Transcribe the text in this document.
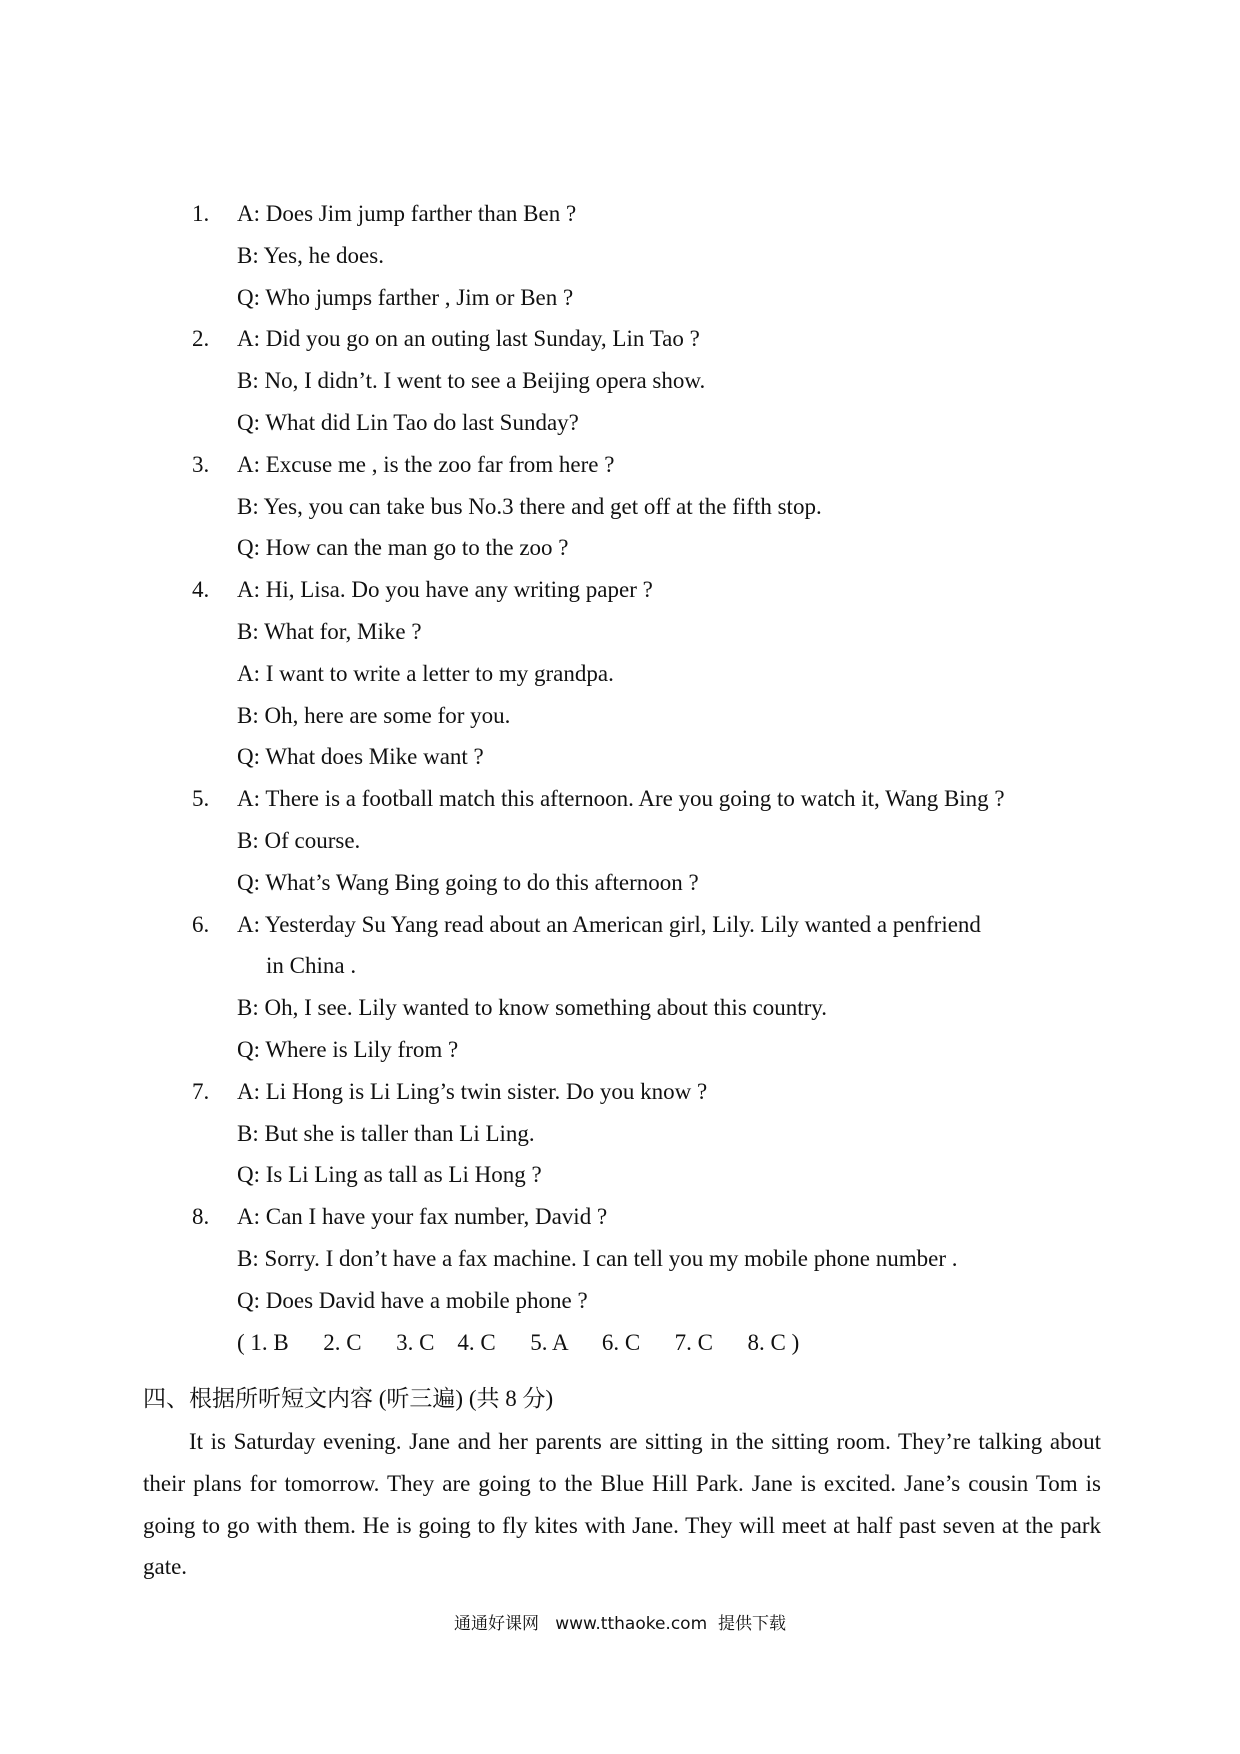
1.	A: Does Jim jump farther than Ben ?
B: Yes, he does.
Q: Who jumps farther , Jim or Ben ?
2.	A: Did you go on an outing last Sunday, Lin Tao ?
B: No, I didn’t. I went to see a Beijing opera show.
Q: What did Lin Tao do last Sunday?
3.	A: Excuse me , is the zoo far from here ?
B: Yes, you can take bus No.3 there and get off at the fifth stop.
Q: How can the man go to the zoo ?
4.	A: Hi, Lisa. Do you have any writing paper ?
B: What for, Mike ?
A: I want to write a letter to my grandpa.
B: Oh, here are some for you.
Q: What does Mike want ?
5.	A: There is a football match this afternoon. Are you going to watch it, Wang Bing ?
B: Of course.
Q: What’s Wang Bing going to do this afternoon ?
6.	A: Yesterday Su Yang read about an American girl, Lily. Lily wanted a penfriend
in China .
B: Oh, I see. Lily wanted to know something about this country.
Q: Where is Lily from ?
7.	A: Li Hong is Li Ling’s twin sister. Do you know ?
B: But she is taller than Li Ling.
Q: Is Li Ling as tall as Li Hong ?
8.	A: Can I have your fax number, David ?
B: Sorry. I don’t have a fax machine. I can tell you my mobile phone number .
Q: Does David have a mobile phone ?
( 1. B      2. C      3. C    4. C      5. A      6. C      7. C      8. C )
四、根据所听短文内容 (听三遍) (共 8 分)
It is Saturday evening. Jane and her parents are sitting in the sitting room. They’re talking about their plans for tomorrow. They are going to the Blue Hill Park. Jane is excited. Jane’s cousin Tom is going to go with them. He is going to fly kites with Jane. They will meet at half past seven at the park gate.
通通好课网   www.tthaoke.com  提供下载
